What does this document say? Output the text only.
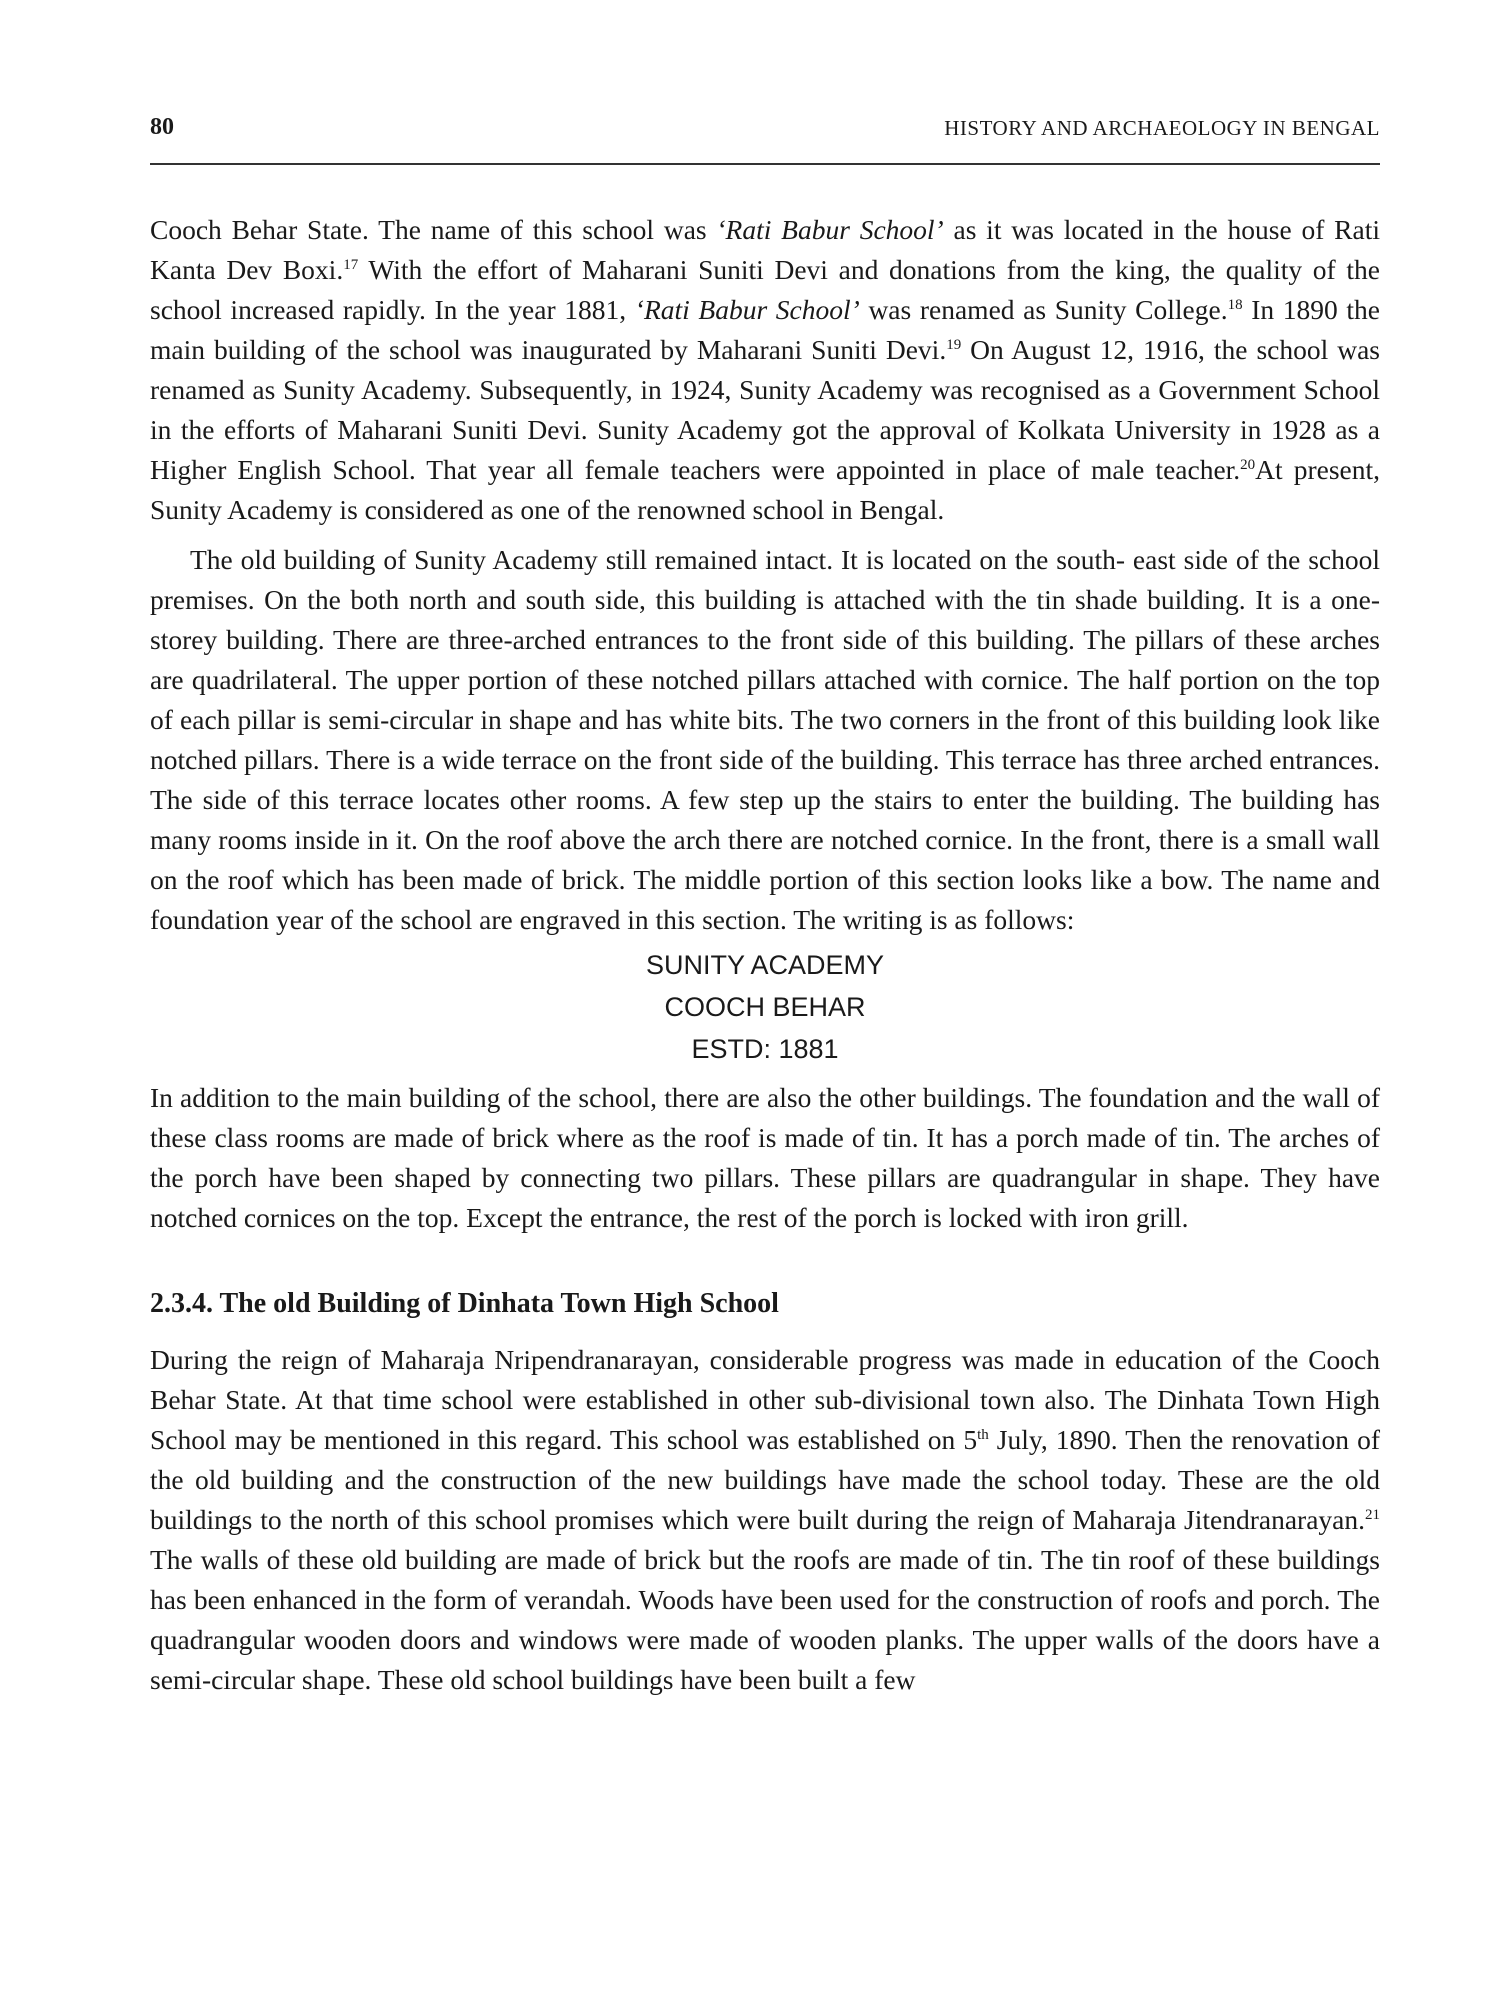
80	HISTORY AND ARCHAEOLOGY IN BENGAL

Cooch Behar State. The name of this school was ‘Rati Babur School’ as it was located in the house of Rati Kanta Dev Boxi.$^{17}$ With the effort of Maharani Suniti Devi and donations from the king, the quality of the school increased rapidly. In the year 1881, ‘Rati Babur School’ was renamed as Sunity College.$^{18}$ In 1890 the main building of the school was inaugurated by Maharani Suniti Devi.$^{19}$ On August 12, 1916, the school was renamed as Sunity Academy. Subsequently, in 1924, Sunity Academy was recognised as a Government School in the efforts of Maharani Suniti Devi. Sunity Academy got the approval of Kolkata University in 1928 as a Higher English School. That year all female teachers were appointed in place of male teacher.$^{20}$At present, Sunity Academy is considered as one of the renowned school in Bengal.

The old building of Sunity Academy still remained intact. It is located on the south- east side of the school premises. On the both north and south side, this building is attached with the tin shade building. It is a one-storey building. There are three-arched entrances to the front side of this building. The pillars of these arches are quadrilateral. The upper portion of these notched pillars attached with cornice. The half portion on the top of each pillar is semi-circular in shape and has white bits. The two corners in the front of this building look like notched pillars. There is a wide terrace on the front side of the building. This terrace has three arched entrances. The side of this terrace locates other rooms. A few step up the stairs to enter the building. The building has many rooms inside in it. On the roof above the arch there are notched cornice. In the front, there is a small wall on the roof which has been made of brick. The middle portion of this section looks like a bow. The name and foundation year of the school are engraved in this section. The writing is as follows:

SUNITY ACADEMY
COOCH BEHAR
ESTD: 1881

In addition to the main building of the school, there are also the other buildings. The foundation and the wall of these class rooms are made of brick where as the roof is made of tin. It has a porch made of tin. The arches of the porch have been shaped by connecting two pillars. These pillars are quadrangular in shape. They have notched cornices on the top. Except the entrance, the rest of the porch is locked with iron grill.

2.3.4. The old Building of Dinhata Town High School

During the reign of Maharaja Nripendranarayan, considerable progress was made in education of the Cooch Behar State. At that time school were established in other sub-divisional town also. The Dinhata Town High School may be mentioned in this regard. This school was established on 5th July, 1890. Then the renovation of the old building and the construction of the new buildings have made the school today. These are the old buildings to the north of this school promises which were built during the reign of Maharaja Jitendranarayan.$^{21}$ The walls of these old building are made of brick but the roofs are made of tin. The tin roof of these buildings has been enhanced in the form of verandah. Woods have been used for the construction of roofs and porch. The quadrangular wooden doors and windows were made of wooden planks. The upper walls of the doors have a semi-circular shape. These old school buildings have been built a few
